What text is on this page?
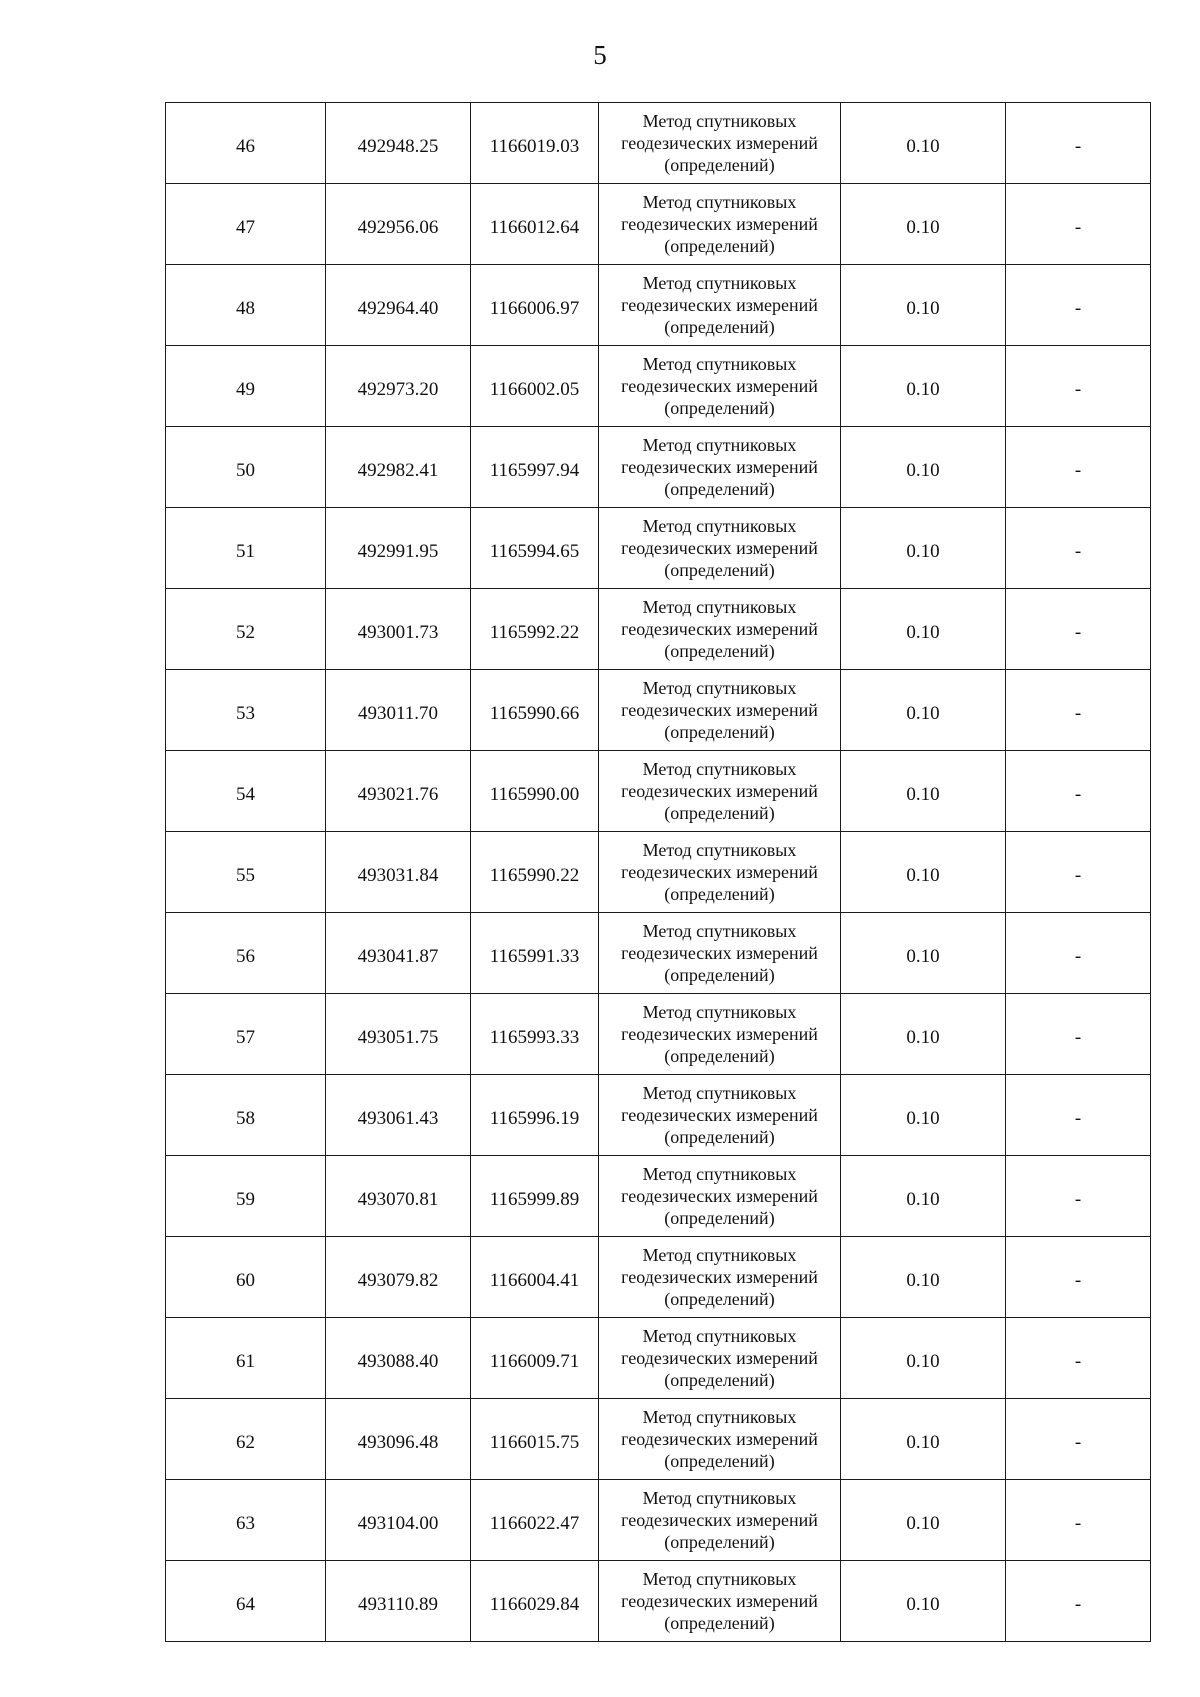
5
46	492948.25	1166019.03	Метод спутниковых геодезических измерений (определений)	0.10	-
47	492956.06	1166012.64	Метод спутниковых геодезических измерений (определений)	0.10	-
48	492964.40	1166006.97	Метод спутниковых геодезических измерений (определений)	0.10	-
49	492973.20	1166002.05	Метод спутниковых геодезических измерений (определений)	0.10	-
50	492982.41	1165997.94	Метод спутниковых геодезических измерений (определений)	0.10	-
51	492991.95	1165994.65	Метод спутниковых геодезических измерений (определений)	0.10	-
52	493001.73	1165992.22	Метод спутниковых геодезических измерений (определений)	0.10	-
53	493011.70	1165990.66	Метод спутниковых геодезических измерений (определений)	0.10	-
54	493021.76	1165990.00	Метод спутниковых геодезических измерений (определений)	0.10	-
55	493031.84	1165990.22	Метод спутниковых геодезических измерений (определений)	0.10	-
56	493041.87	1165991.33	Метод спутниковых геодезических измерений (определений)	0.10	-
57	493051.75	1165993.33	Метод спутниковых геодезических измерений (определений)	0.10	-
58	493061.43	1165996.19	Метод спутниковых геодезических измерений (определений)	0.10	-
59	493070.81	1165999.89	Метод спутниковых геодезических измерений (определений)	0.10	-
60	493079.82	1166004.41	Метод спутниковых геодезических измерений (определений)	0.10	-
61	493088.40	1166009.71	Метод спутниковых геодезических измерений (определений)	0.10	-
62	493096.48	1166015.75	Метод спутниковых геодезических измерений (определений)	0.10	-
63	493104.00	1166022.47	Метод спутниковых геодезических измерений (определений)	0.10	-
64	493110.89	1166029.84	Метод спутниковых геодезических измерений (определений)	0.10	-
